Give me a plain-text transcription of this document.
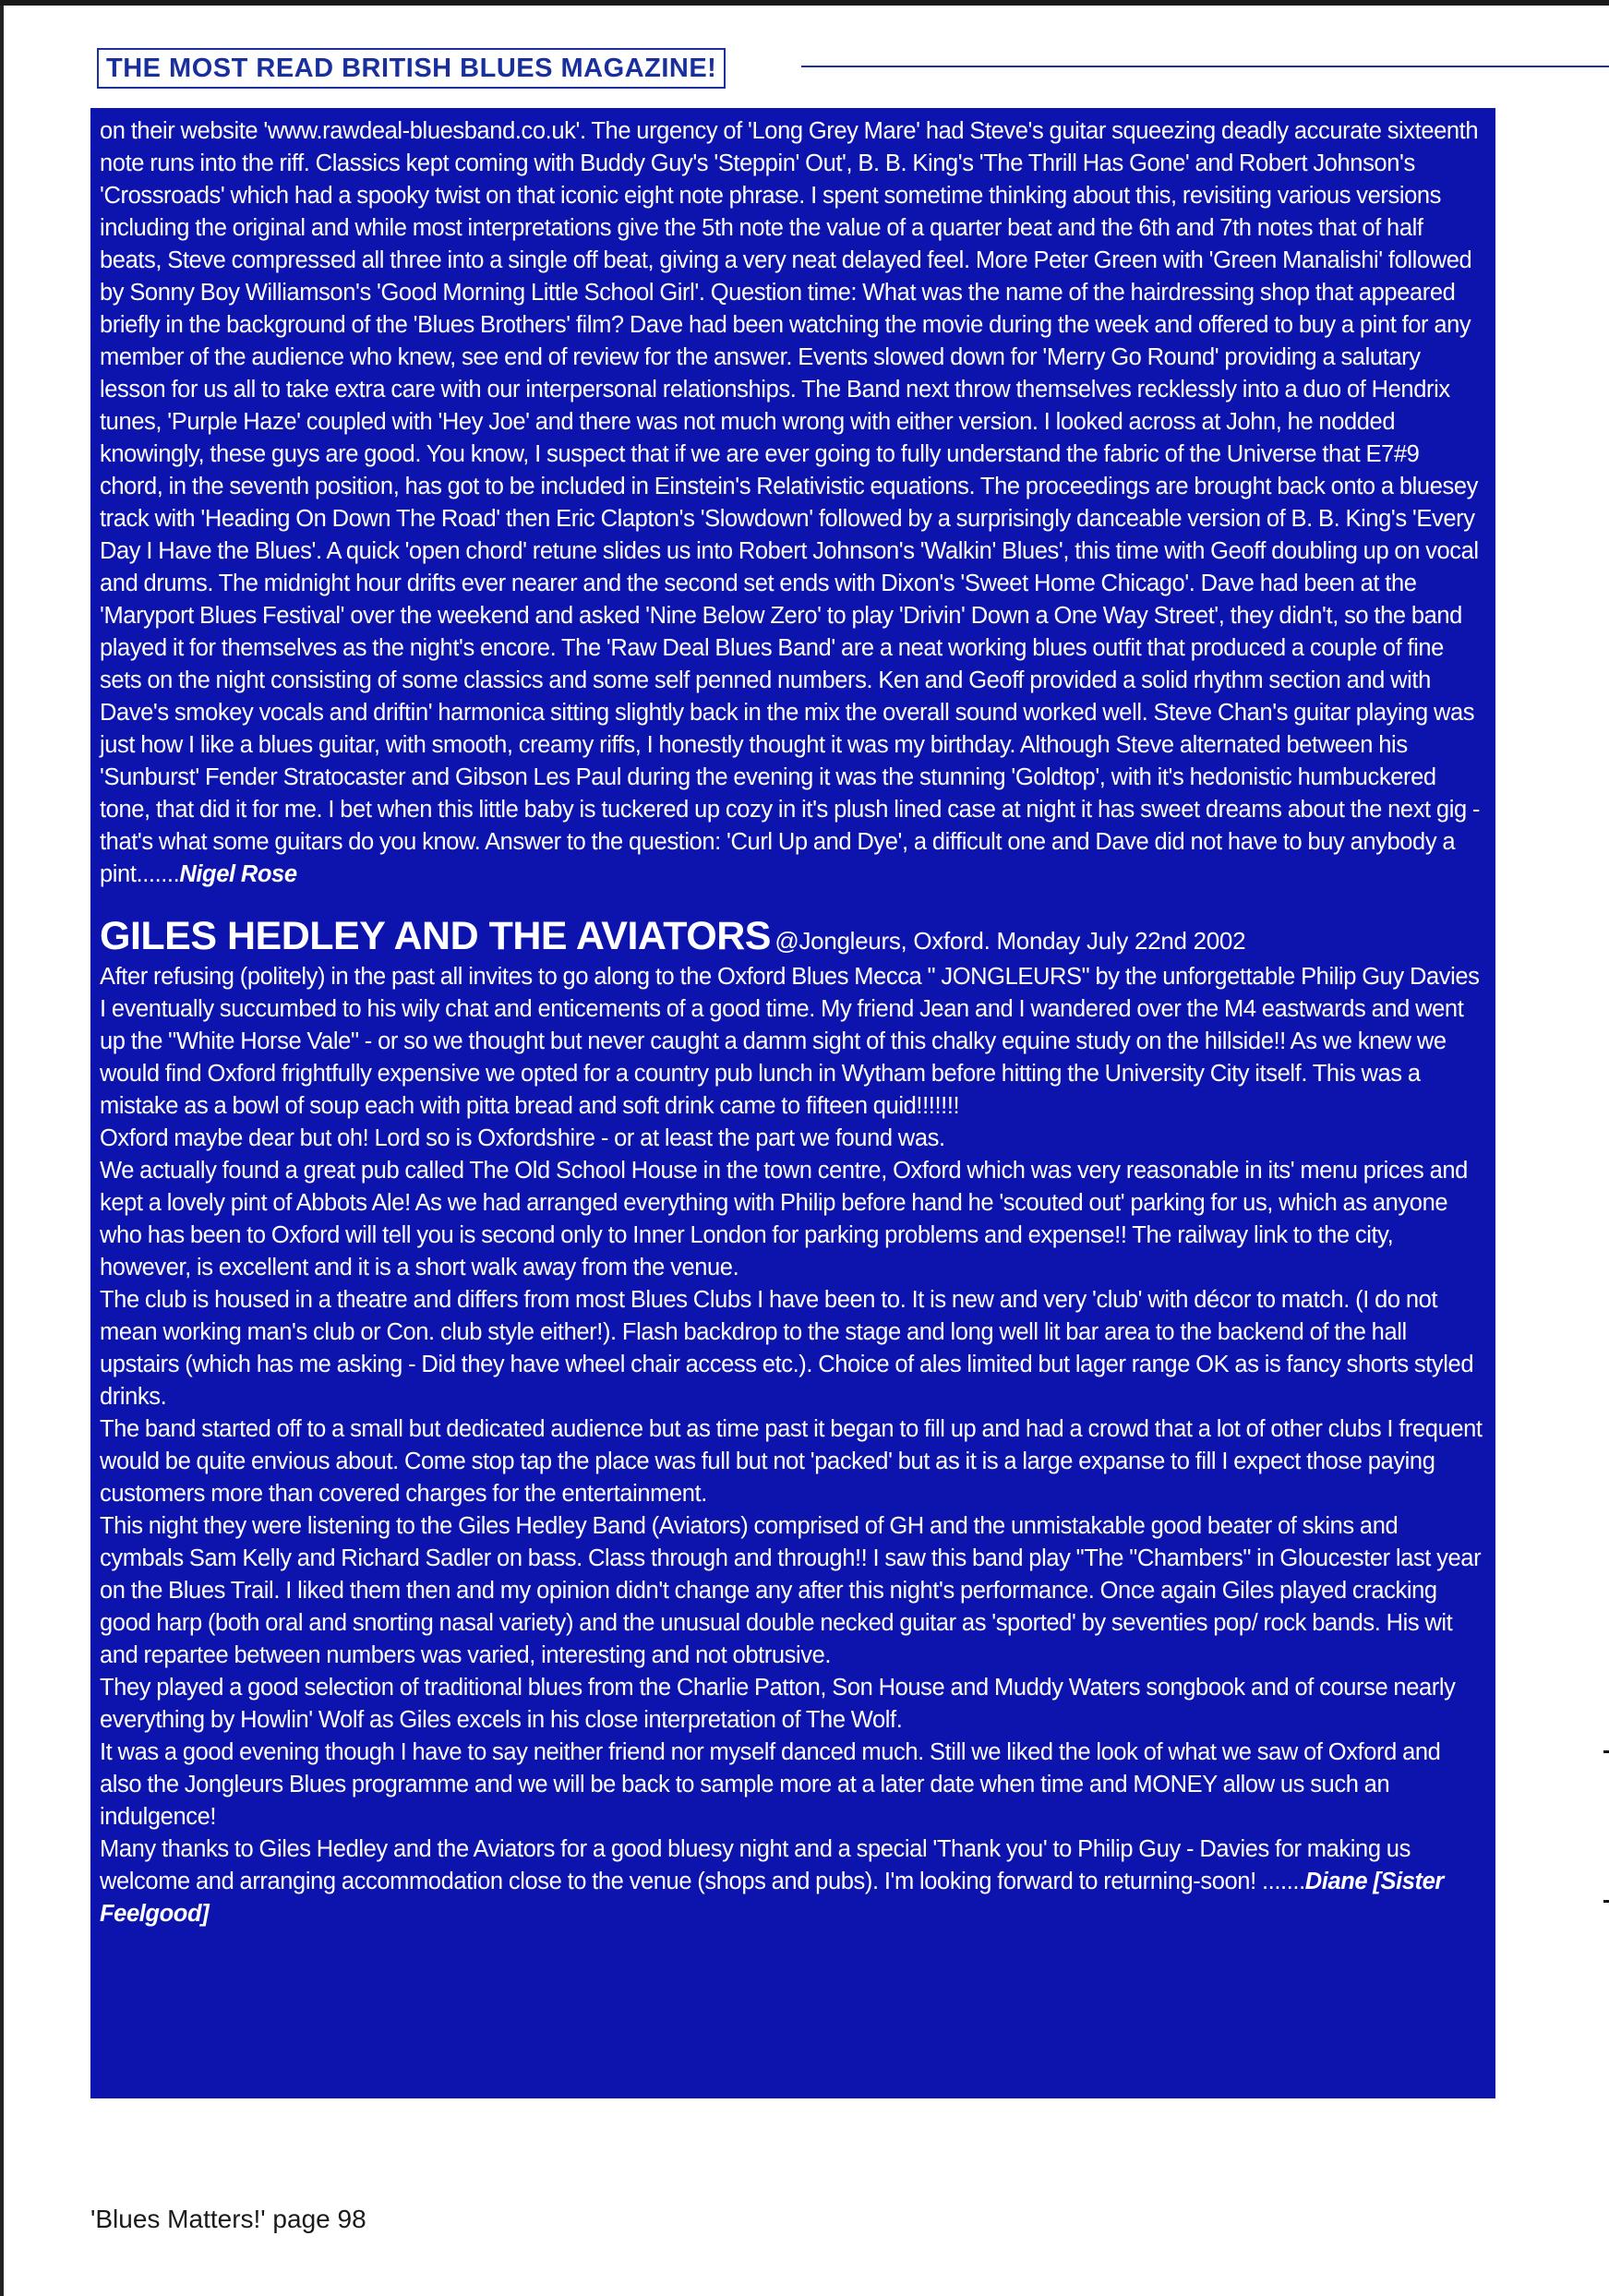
THE MOST READ BRITISH BLUES MAGAZINE!

on their website 'www.rawdeal-bluesband.co.uk'. The urgency of 'Long Grey Mare' had Steve's guitar squeezing deadly accurate sixteenth note runs into the riff. Classics kept coming with Buddy Guy's 'Steppin' Out', B. B. King's 'The Thrill Has Gone' and Robert Johnson's 'Crossroads' which had a spooky twist on that iconic eight note phrase. I spent sometime thinking about this, revisiting various versions including the original and while most interpretations give the 5th note the value of a quarter beat and the 6th and 7th notes that of half beats, Steve compressed all three into a single off beat, giving a very neat delayed feel. More Peter Green with 'Green Manalishi' followed by Sonny Boy Williamson's 'Good Morning Little School Girl'. Question time: What was the name of the hairdressing shop that appeared briefly in the background of the 'Blues Brothers' film? Dave had been watching the movie during the week and offered to buy a pint for any member of the audience who knew, see end of review for the answer. Events slowed down for 'Merry Go Round' providing a salutary lesson for us all to take extra care with our interpersonal relationships. The Band next throw themselves recklessly into a duo of Hendrix tunes, 'Purple Haze' coupled with 'Hey Joe' and there was not much wrong with either version. I looked across at John, he nodded knowingly, these guys are good. You know, I suspect that if we are ever going to fully understand the fabric of the Universe that E7#9 chord, in the seventh position, has got to be included in Einstein's Relativistic equations. The proceedings are brought back onto a bluesey track with 'Heading On Down The Road' then Eric Clapton's 'Slowdown' followed by a surprisingly danceable version of B. B. King's 'Every Day I Have the Blues'. A quick 'open chord' retune slides us into Robert Johnson's 'Walkin' Blues', this time with Geoff doubling up on vocal and drums. The midnight hour drifts ever nearer and the second set ends with Dixon's 'Sweet Home Chicago'. Dave had been at the 'Maryport Blues Festival' over the weekend and asked 'Nine Below Zero' to play 'Drivin' Down a One Way Street', they didn't, so the band played it for themselves as the night's encore. The 'Raw Deal Blues Band' are a neat working blues outfit that produced a couple of fine sets on the night consisting of some classics and some self penned numbers. Ken and Geoff provided a solid rhythm section and with Dave's smokey vocals and driftin' harmonica sitting slightly back in the mix the overall sound worked well. Steve Chan's guitar playing was just how I like a blues guitar, with smooth, creamy riffs, I honestly thought it was my birthday. Although Steve alternated between his 'Sunburst' Fender Stratocaster and Gibson Les Paul during the evening it was the stunning 'Goldtop', with it's hedonistic humbuckered tone, that did it for me. I bet when this little baby is tuckered up cozy in it's plush lined case at night it has sweet dreams about the next gig - that's what some guitars do you know. Answer to the question: 'Curl Up and Dye', a difficult one and Dave did not have to buy anybody a pint.......Nigel Rose

GILES HEDLEY AND THE AVIATORS @Jongleurs, Oxford. Monday July 22nd 2002

After refusing (politely) in the past all invites to go along to the Oxford Blues Mecca " JONGLEURS" by the unforgettable Philip Guy Davies I eventually succumbed to his wily chat and enticements of a good time. My friend Jean and I wandered over the M4 eastwards and went up the "White Horse Vale" - or so we thought but never caught a damm sight of this chalky equine study on the hillside!! As we knew we would find Oxford frightfully expensive we opted for a country pub lunch in Wytham before hitting the University City itself. This was a mistake as a bowl of soup each with pitta bread and soft drink came to fifteen quid!!!!!!!

Oxford maybe dear but oh! Lord so is Oxfordshire - or at least the part we found was.

We actually found a great pub called The Old School House in the town centre, Oxford which was very reasonable in its' menu prices and kept a lovely pint of Abbots Ale! As we had arranged everything with Philip before hand he 'scouted out' parking for us, which as anyone who has been to Oxford will tell you is second only to Inner London for parking problems and expense!! The railway link to the city, however, is excellent and it is a short walk away from the venue.

The club is housed in a theatre and differs from most Blues Clubs I have been to. It is new and very 'club' with décor to match. (I do not mean working man's club or Con. club style either!). Flash backdrop to the stage and long well lit bar area to the backend of the hall upstairs (which has me asking - Did they have wheel chair access etc.). Choice of ales limited but lager range OK as is fancy shorts styled drinks.

The band started off to a small but dedicated audience but as time past it began to fill up and had a crowd that a lot of other clubs I frequent would be quite envious about. Come stop tap the place was full but not 'packed' but as it is a large expanse to fill I expect those paying customers more than covered charges for the entertainment.

This night they were listening to the Giles Hedley Band (Aviators) comprised of GH and the unmistakable good beater of skins and cymbals Sam Kelly and Richard Sadler on bass. Class through and through!! I saw this band play "The "Chambers" in Gloucester last year on the Blues Trail. I liked them then and my opinion didn't change any after this night's performance. Once again Giles played cracking good harp (both oral and snorting nasal variety) and the unusual double necked guitar as 'sported' by seventies pop/ rock bands. His wit and repartee between numbers was varied, interesting and not obtrusive.

They played a good selection of traditional blues from the Charlie Patton, Son House and Muddy Waters songbook and of course nearly everything by Howlin' Wolf as Giles excels in his close interpretation of The Wolf.

It was a good evening though I have to say neither friend nor myself danced much. Still we liked the look of what we saw of Oxford and also the Jongleurs Blues programme and we will be back to sample more at a later date when time and MONEY allow us such an indulgence!

Many thanks to Giles Hedley and the Aviators for a good bluesy night and a special 'Thank you' to Philip Guy - Davies for making us welcome and arranging accommodation close to the venue (shops and pubs). I'm looking forward to returning-soon! .......Diane [Sister Feelgood]

'Blues Matters!' page 98
